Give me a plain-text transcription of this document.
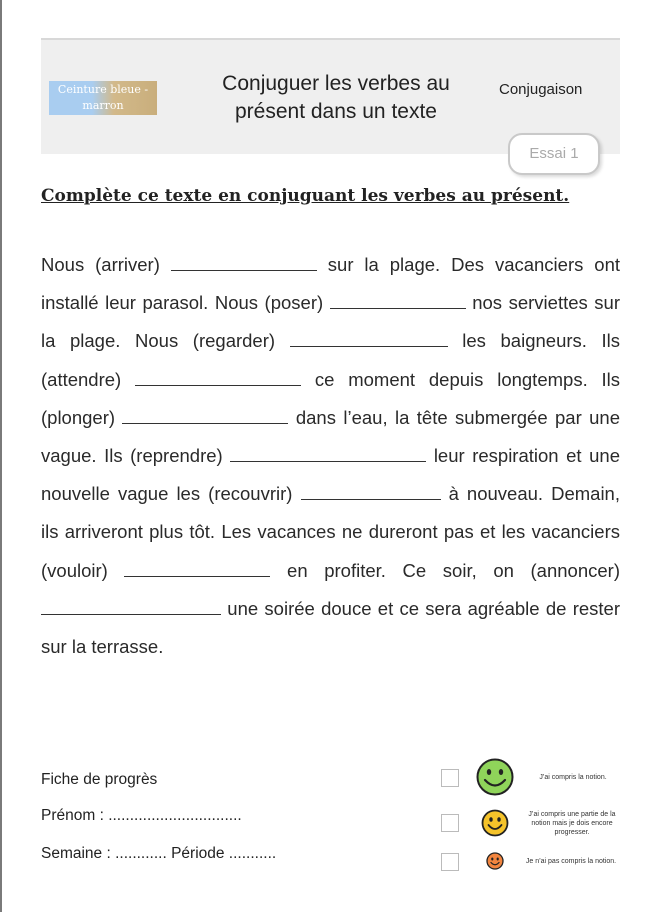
Ceinture bleue - marron
Conjuguer les verbes au
présent dans un texte
Conjugaison
Essai 1
Complète ce texte en conjuguant les verbes au présent.
Nous (arriver)	sur la plage. Des vacanciers ont installé leur parasol. Nous (poser)	nos serviettes sur la plage. Nous (regarder)	les baigneurs. Ils (attendre)	ce moment depuis longtemps. Ils (plonger)	dans l’eau, la tête submergée par une vague. Ils (reprendre)	leur respiration et une nouvelle vague les (recouvrir)	à nouveau. Demain, ils arriveront plus tôt. Les vacances ne dureront pas et les vacanciers (vouloir)	en profiter. Ce soir, on (annoncer)  une soirée douce et ce sera agréable de rester sur la terrasse.
Fiche de progrès
Prénom : ...............................
Semaine : ............ Période ...........
J’ai compris la notion.
J’ai compris une partie de la notion mais je dois encore progresser.
Je n’ai pas compris la notion.
